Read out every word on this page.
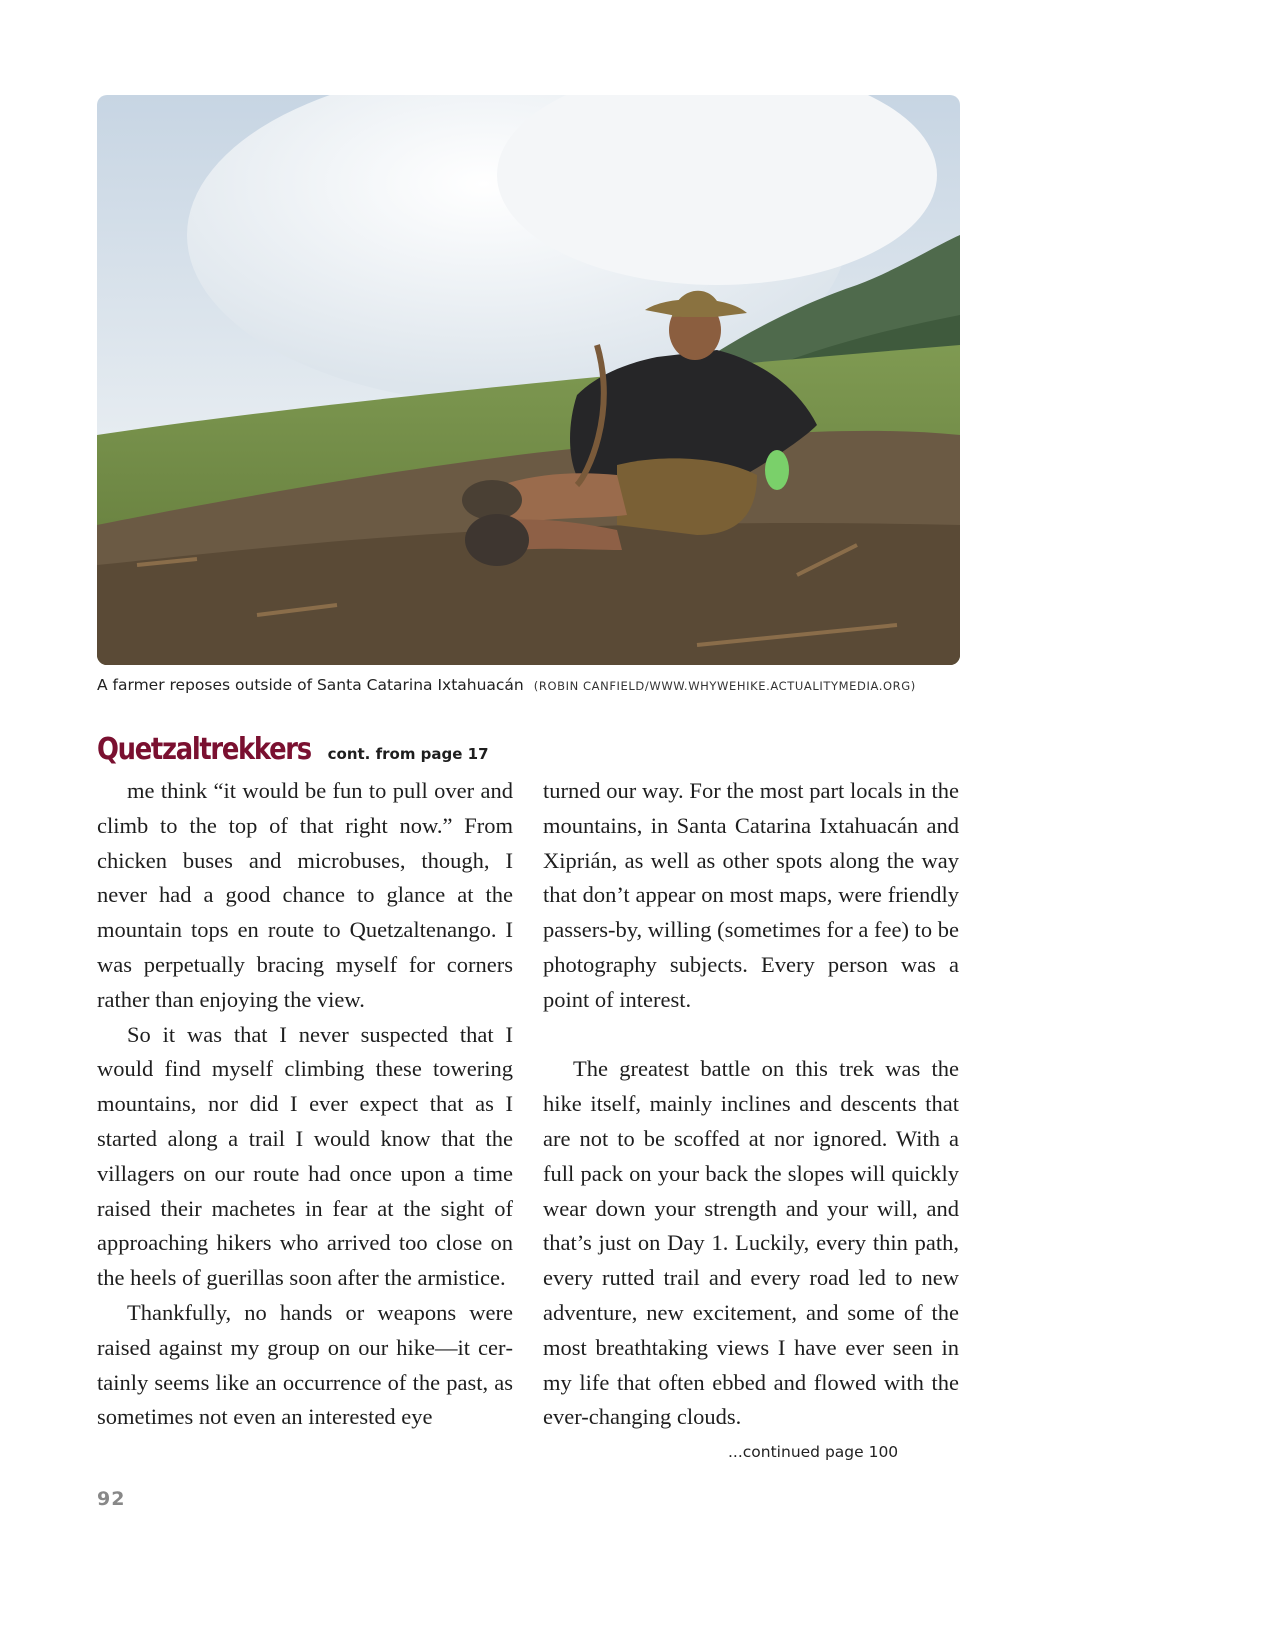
A farmer reposes outside of Santa Catarina Ixtahuacán (ROBIN CANFIELD/WWW.WHYWEHIKE.ACTUALITYMEDIA.ORG)
Quetzaltrekkers cont. from page 17

me think “it would be fun to pull over and climb to the top of that right now.” From chicken buses and microbuses, though, I never had a good chance to glance at the mountain tops en route to Quetzaltenango. I was perpetually bracing myself for corners rather than enjoying the view.

So it was that I never suspected that I would find myself climbing these towering mountains, nor did I ever expect that as I started along a trail I would know that the villagers on our route had once upon a time raised their machetes in fear at the sight of approaching hikers who arrived too close on the heels of guerillas soon after the armistice.

Thankfully, no hands or weapons were raised against my group on our hike—it certainly seems like an occurrence of the past, as sometimes not even an interested eye

turned our way. For the most part locals in the mountains, in Santa Catarina Ixtahuacán and Xiprián, as well as other spots along the way that don’t appear on most maps, were friendly passers-by, willing (sometimes for a fee) to be photography subjects. Every person was a point of interest.

The greatest battle on this trek was the hike itself, mainly inclines and descents that are not to be scoffed at nor ignored. With a full pack on your back the slopes will quickly wear down your strength and your will, and that’s just on Day 1. Luckily, every thin path, every rutted trail and every road led to new adventure, new excitement, and some of the most breathtaking views I have ever seen in my life that often ebbed and flowed with the ever-changing clouds.

...continued page 100
92
